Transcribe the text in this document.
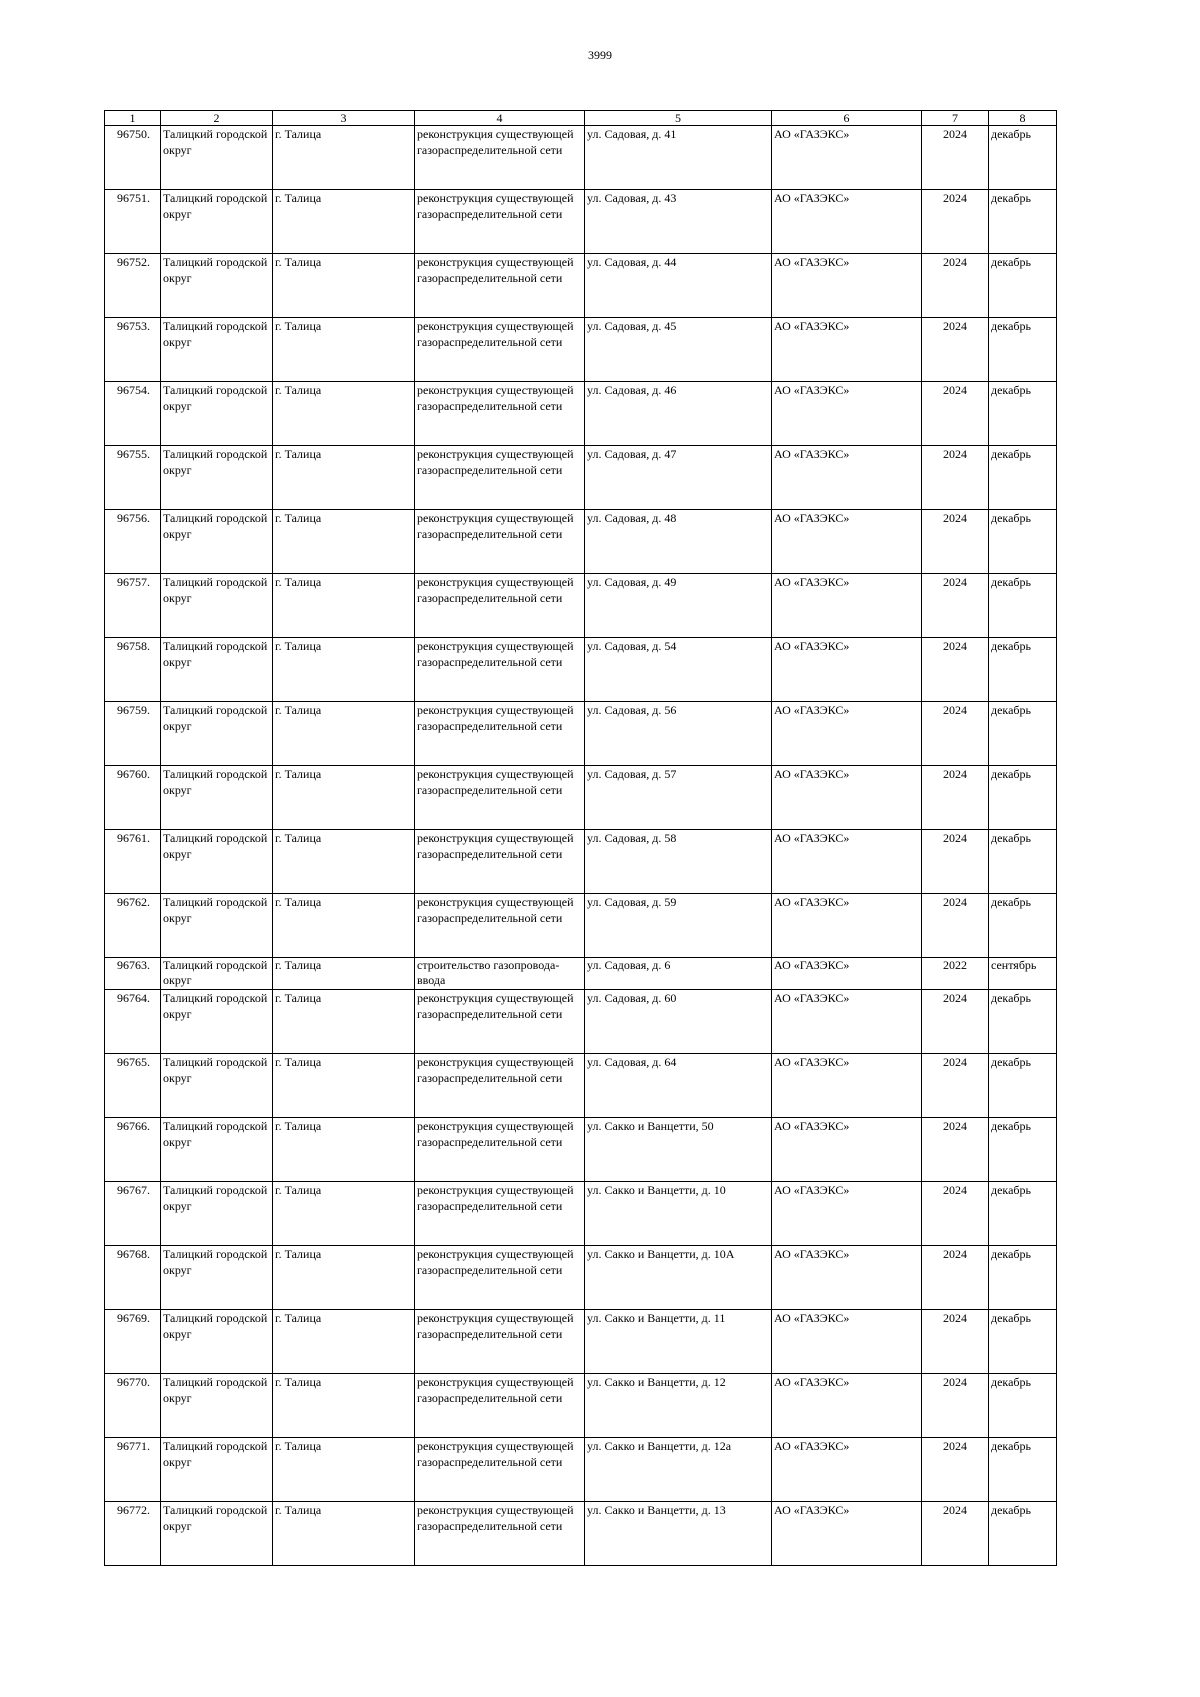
3999
1	2	3	4	5	6	7	8
96750.	Талицкий городской округ	г. Талица	реконструкция существующей газораспределительной сети	ул. Садовая, д. 41	АО «ГАЗЭКС»	2024	декабрь
96751.	Талицкий городской округ	г. Талица	реконструкция существующей газораспределительной сети	ул. Садовая, д. 43	АО «ГАЗЭКС»	2024	декабрь
96752.	Талицкий городской округ	г. Талица	реконструкция существующей газораспределительной сети	ул. Садовая, д. 44	АО «ГАЗЭКС»	2024	декабрь
96753.	Талицкий городской округ	г. Талица	реконструкция существующей газораспределительной сети	ул. Садовая, д. 45	АО «ГАЗЭКС»	2024	декабрь
96754.	Талицкий городской округ	г. Талица	реконструкция существующей газораспределительной сети	ул. Садовая, д. 46	АО «ГАЗЭКС»	2024	декабрь
96755.	Талицкий городской округ	г. Талица	реконструкция существующей газораспределительной сети	ул. Садовая, д. 47	АО «ГАЗЭКС»	2024	декабрь
96756.	Талицкий городской округ	г. Талица	реконструкция существующей газораспределительной сети	ул. Садовая, д. 48	АО «ГАЗЭКС»	2024	декабрь
96757.	Талицкий городской округ	г. Талица	реконструкция существующей газораспределительной сети	ул. Садовая, д. 49	АО «ГАЗЭКС»	2024	декабрь
96758.	Талицкий городской округ	г. Талица	реконструкция существующей газораспределительной сети	ул. Садовая, д. 54	АО «ГАЗЭКС»	2024	декабрь
96759.	Талицкий городской округ	г. Талица	реконструкция существующей газораспределительной сети	ул. Садовая, д. 56	АО «ГАЗЭКС»	2024	декабрь
96760.	Талицкий городской округ	г. Талица	реконструкция существующей газораспределительной сети	ул. Садовая, д. 57	АО «ГАЗЭКС»	2024	декабрь
96761.	Талицкий городской округ	г. Талица	реконструкция существующей газораспределительной сети	ул. Садовая, д. 58	АО «ГАЗЭКС»	2024	декабрь
96762.	Талицкий городской округ	г. Талица	реконструкция существующей газораспределительной сети	ул. Садовая, д. 59	АО «ГАЗЭКС»	2024	декабрь
96763.	Талицкий городской округ	г. Талица	строительство газопровода-ввода	ул. Садовая, д. 6	АО «ГАЗЭКС»	2022	сентябрь
96764.	Талицкий городской округ	г. Талица	реконструкция существующей газораспределительной сети	ул. Садовая, д. 60	АО «ГАЗЭКС»	2024	декабрь
96765.	Талицкий городской округ	г. Талица	реконструкция существующей газораспределительной сети	ул. Садовая, д. 64	АО «ГАЗЭКС»	2024	декабрь
96766.	Талицкий городской округ	г. Талица	реконструкция существующей газораспределительной сети	ул. Сакко и Ванцетти, 50	АО «ГАЗЭКС»	2024	декабрь
96767.	Талицкий городской округ	г. Талица	реконструкция существующей газораспределительной сети	ул. Сакко и Ванцетти, д. 10	АО «ГАЗЭКС»	2024	декабрь
96768.	Талицкий городской округ	г. Талица	реконструкция существующей газораспределительной сети	ул. Сакко и Ванцетти, д. 10А	АО «ГАЗЭКС»	2024	декабрь
96769.	Талицкий городской округ	г. Талица	реконструкция существующей газораспределительной сети	ул. Сакко и Ванцетти, д. 11	АО «ГАЗЭКС»	2024	декабрь
96770.	Талицкий городской округ	г. Талица	реконструкция существующей газораспределительной сети	ул. Сакко и Ванцетти, д. 12	АО «ГАЗЭКС»	2024	декабрь
96771.	Талицкий городской округ	г. Талица	реконструкция существующей газораспределительной сети	ул. Сакко и Ванцетти, д. 12а	АО «ГАЗЭКС»	2024	декабрь
96772.	Талицкий городской округ	г. Талица	реконструкция существующей газораспределительной сети	ул. Сакко и Ванцетти, д. 13	АО «ГАЗЭКС»	2024	декабрь
